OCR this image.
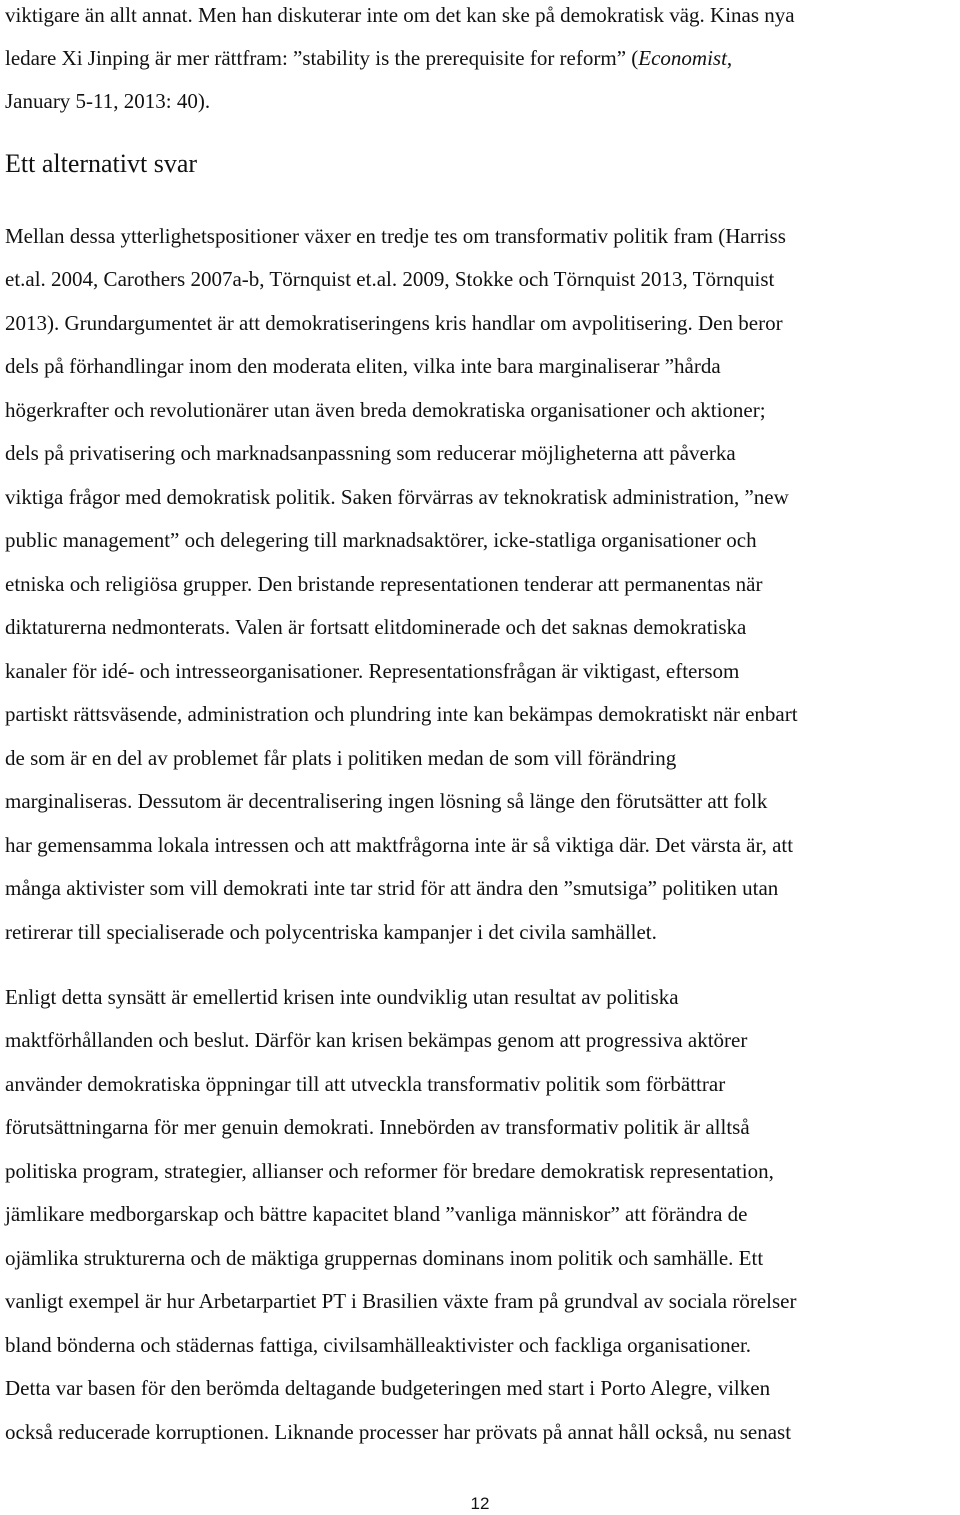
viktigare än allt annat. Men han diskuterar inte om det kan ske på demokratisk väg. Kinas nya

ledare Xi Jinping är mer rättfram: ”stability is the prerequisite for reform” (Economist,

January 5-11, 2013: 40).

Ett alternativt svar

Mellan dessa ytterlighetspositioner växer en tredje tes om transformativ politik fram (Harriss

et.al. 2004, Carothers 2007a-b, Törnquist et.al. 2009, Stokke och Törnquist 2013, Törnquist

2013). Grundargumentet är att demokratiseringens kris handlar om avpolitisering. Den beror

dels på förhandlingar inom den moderata eliten, vilka inte bara marginaliserar ”hårda

högerkrafter och revolutionärer utan även breda demokratiska organisationer och aktioner;

dels på privatisering och marknadsanpassning som reducerar möjligheterna att påverka

viktiga frågor med demokratisk politik. Saken förvärras av teknokratisk administration, ”new

public management” och delegering till marknadsaktörer, icke-statliga organisationer och

etniska och religiösa grupper. Den bristande representationen tenderar att permanentas när

diktaturerna nedmonterats. Valen är fortsatt elitdominerade och det saknas demokratiska

kanaler för idé- och intresseorganisationer. Representationsfrågan är viktigast, eftersom

partiskt rättsväsende, administration och plundring inte kan bekämpas demokratiskt när enbart

de som är en del av problemet får plats i politiken medan de som vill förändring

marginaliseras. Dessutom är decentralisering ingen lösning så länge den förutsätter att folk

har gemensamma lokala intressen och att maktfrågorna inte är så viktiga där. Det värsta är, att

många aktivister som vill demokrati inte tar strid för att ändra den ”smutsiga” politiken utan

retirerar till specialiserade och polycentriska kampanjer i det civila samhället.

Enligt detta synsätt är emellertid krisen inte oundviklig utan resultat av politiska

maktförhållanden och beslut. Därför kan krisen bekämpas genom att progressiva aktörer

använder demokratiska öppningar till att utveckla transformativ politik som förbättrar

förutsättningarna för mer genuin demokrati. Innebörden av transformativ politik är alltså

politiska program, strategier, allianser och reformer för bredare demokratisk representation,

jämlikare medborgarskap och bättre kapacitet bland ”vanliga människor” att förändra de

ojämlika strukturerna och de mäktiga gruppernas dominans inom politik och samhälle. Ett

vanligt exempel är hur Arbetarpartiet PT i Brasilien växte fram på grundval av sociala rörelser

bland bönderna och städernas fattiga, civilsamhälleaktivister och fackliga organisationer.

Detta var basen för den berömda deltagande budgeteringen med start i Porto Alegre, vilken

också reducerade korruptionen. Liknande processer har prövats på annat håll också, nu senast

12
